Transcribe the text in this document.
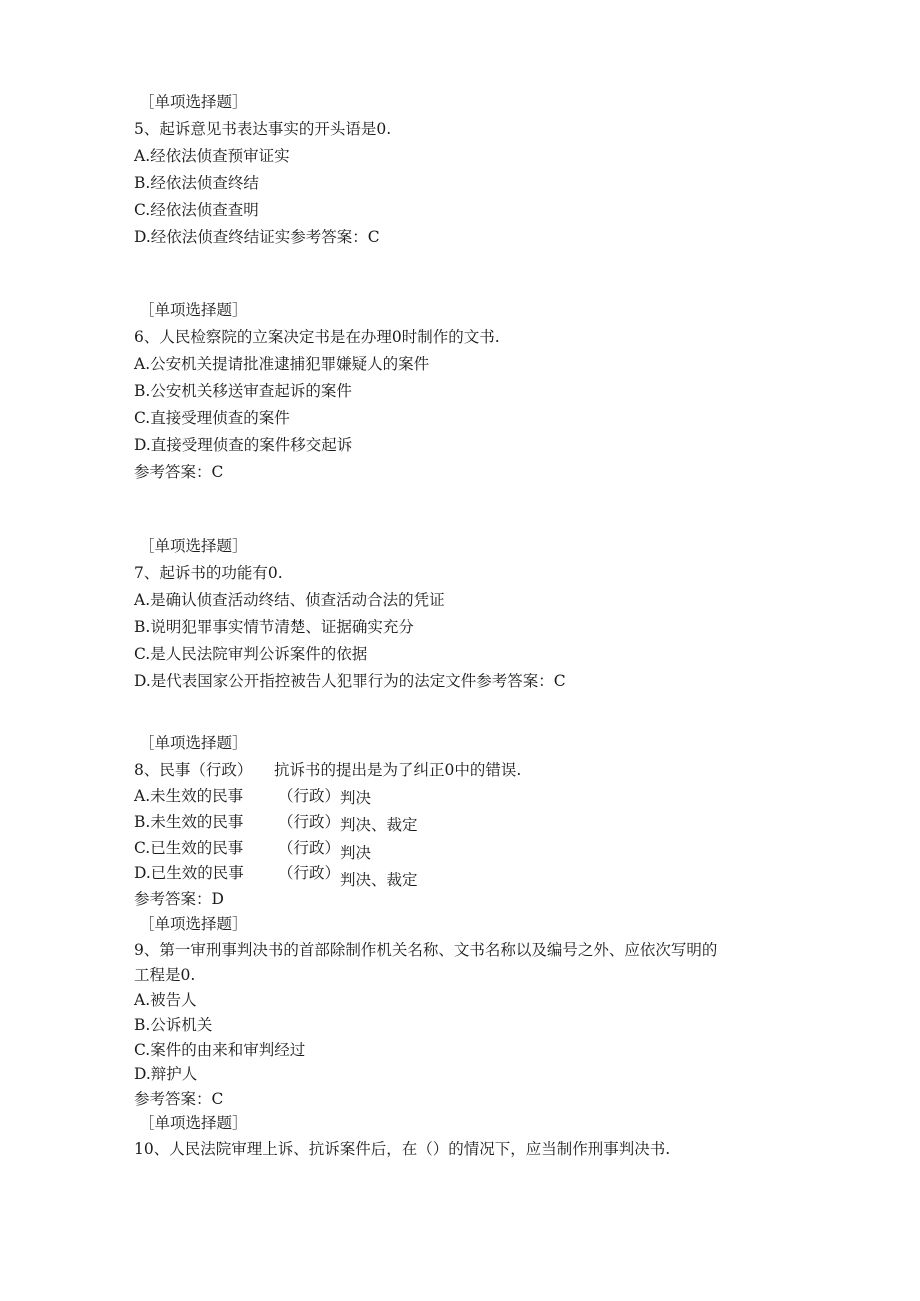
［单项选择题］
5、起诉意见书表达事实的开头语是0.
A.经依法侦查预审证实
B.经依法侦查终结
C.经依法侦查查明
D.经依法侦查终结证实参考答案：C
［单项选择题］
6、人民检察院的立案决定书是在办理0时制作的文书.
A.公安机关提请批准逮捕犯罪嫌疑人的案件
B.公安机关移送审查起诉的案件
C.直接受理侦查的案件
D.直接受理侦查的案件移交起诉
参考答案：C
［单项选择题］
7、起诉书的功能有0.
A.是确认侦查活动终结、侦查活动合法的凭证
B.说明犯罪事实情节清楚、证据确实充分
C.是人民法院审判公诉案件的依据
D.是代表国家公开指控被告人犯罪行为的法定文件参考答案：C
［单项选择题］
8、民事（行政） 抗诉书的提出是为了纠正0中的错误.
A.未生效的民事 （行政） 判决
B.未生效的民事 （行政） 判决、裁定
C.已生效的民事 （行政） 判决
D.已生效的民事 （行政） 判决、裁定
参考答案：D
［单项选择题］
9、第一审刑事判决书的首部除制作机关名称、文书名称以及编号之外、应依次写明的
工程是0.
A.被告人
B.公诉机关
C.案件的由来和审判经过
D.辩护人
参考答案：C
［单项选择题］
10、人民法院审理上诉、抗诉案件后，在（）的情况下，应当制作刑事判决书.
